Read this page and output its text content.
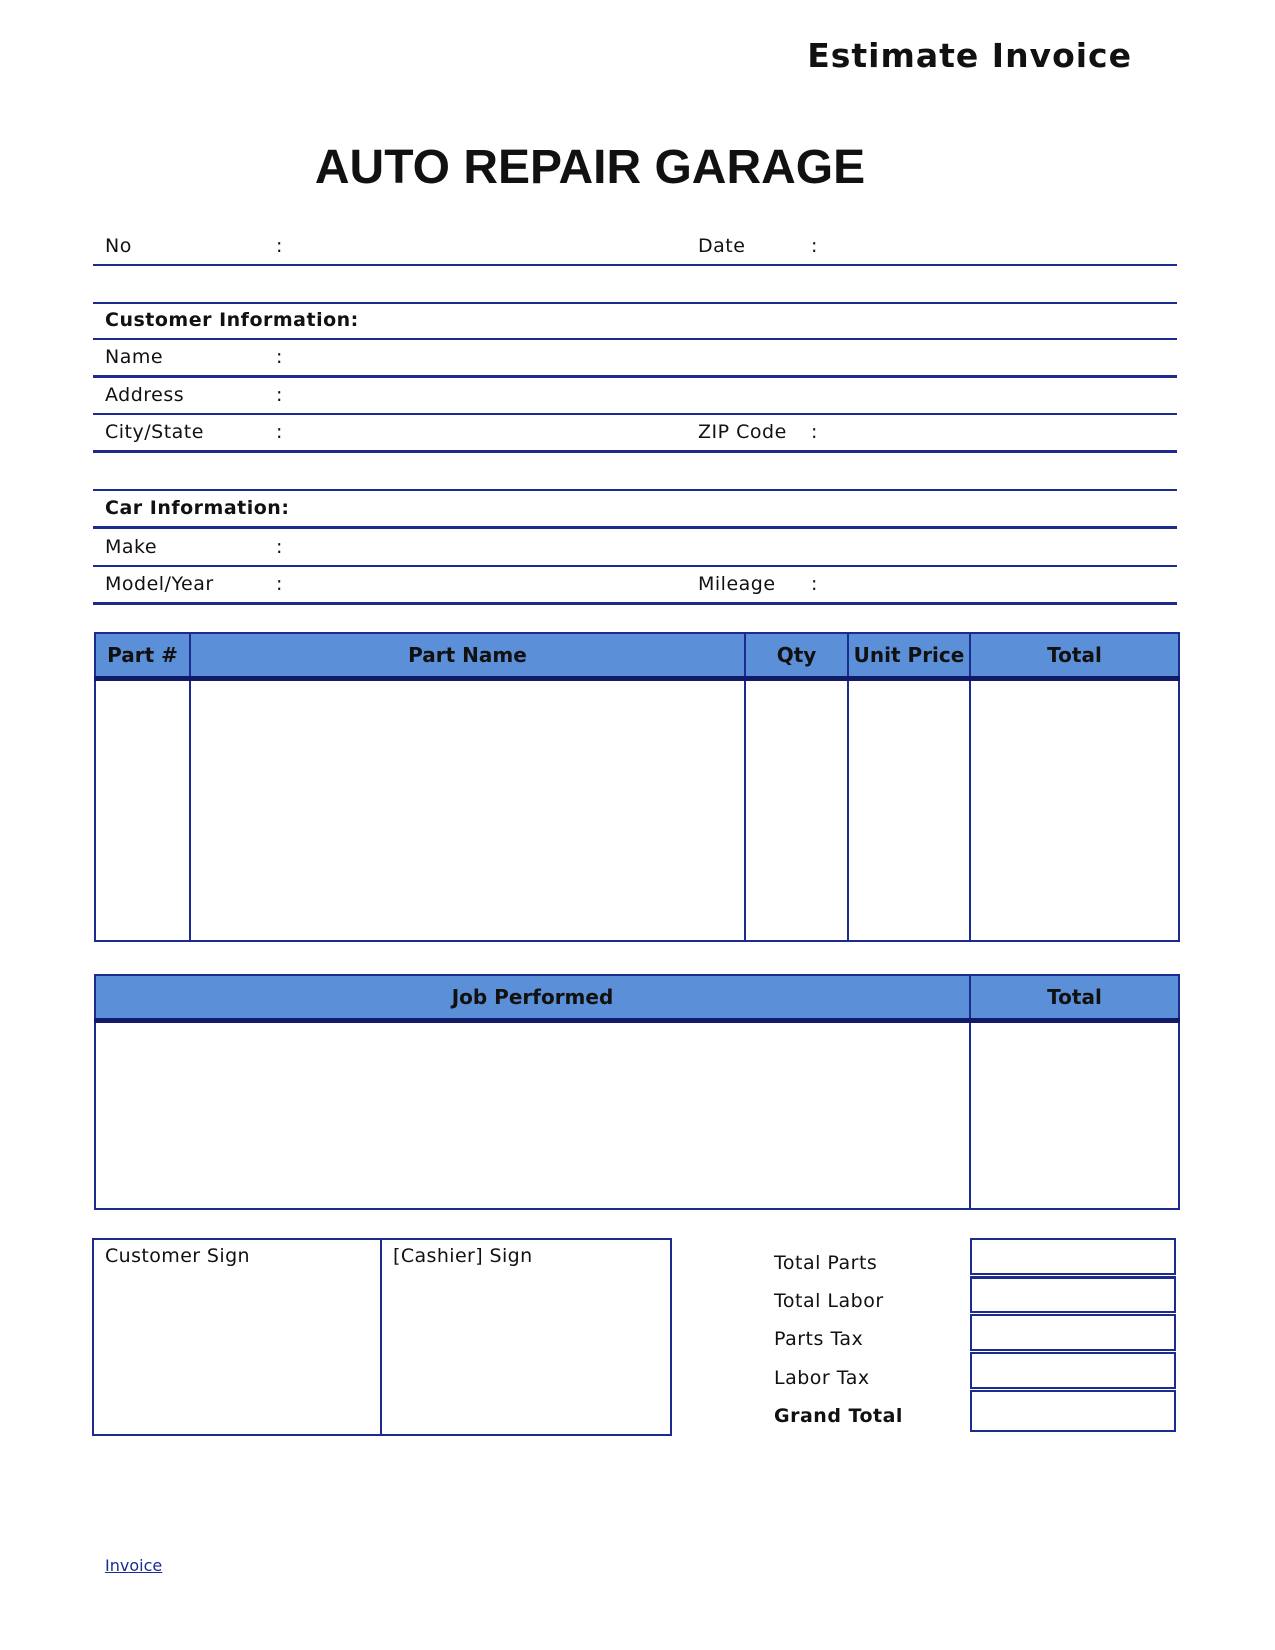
Estimate Invoice
AUTO REPAIR GARAGE
No	:	Date	:
Customer Information:
Name	:
Address	:
City/State	:	ZIP Code :
Car Information:
Make	:
Model/Year	:	Mileage :
Part #	Part Name	Qty	Unit Price	Total

Job Performed	Total

Customer Sign	[Cashier] Sign	Total Parts
Total Labor
Parts Tax
Labor Tax
Grand Total
Invoice
